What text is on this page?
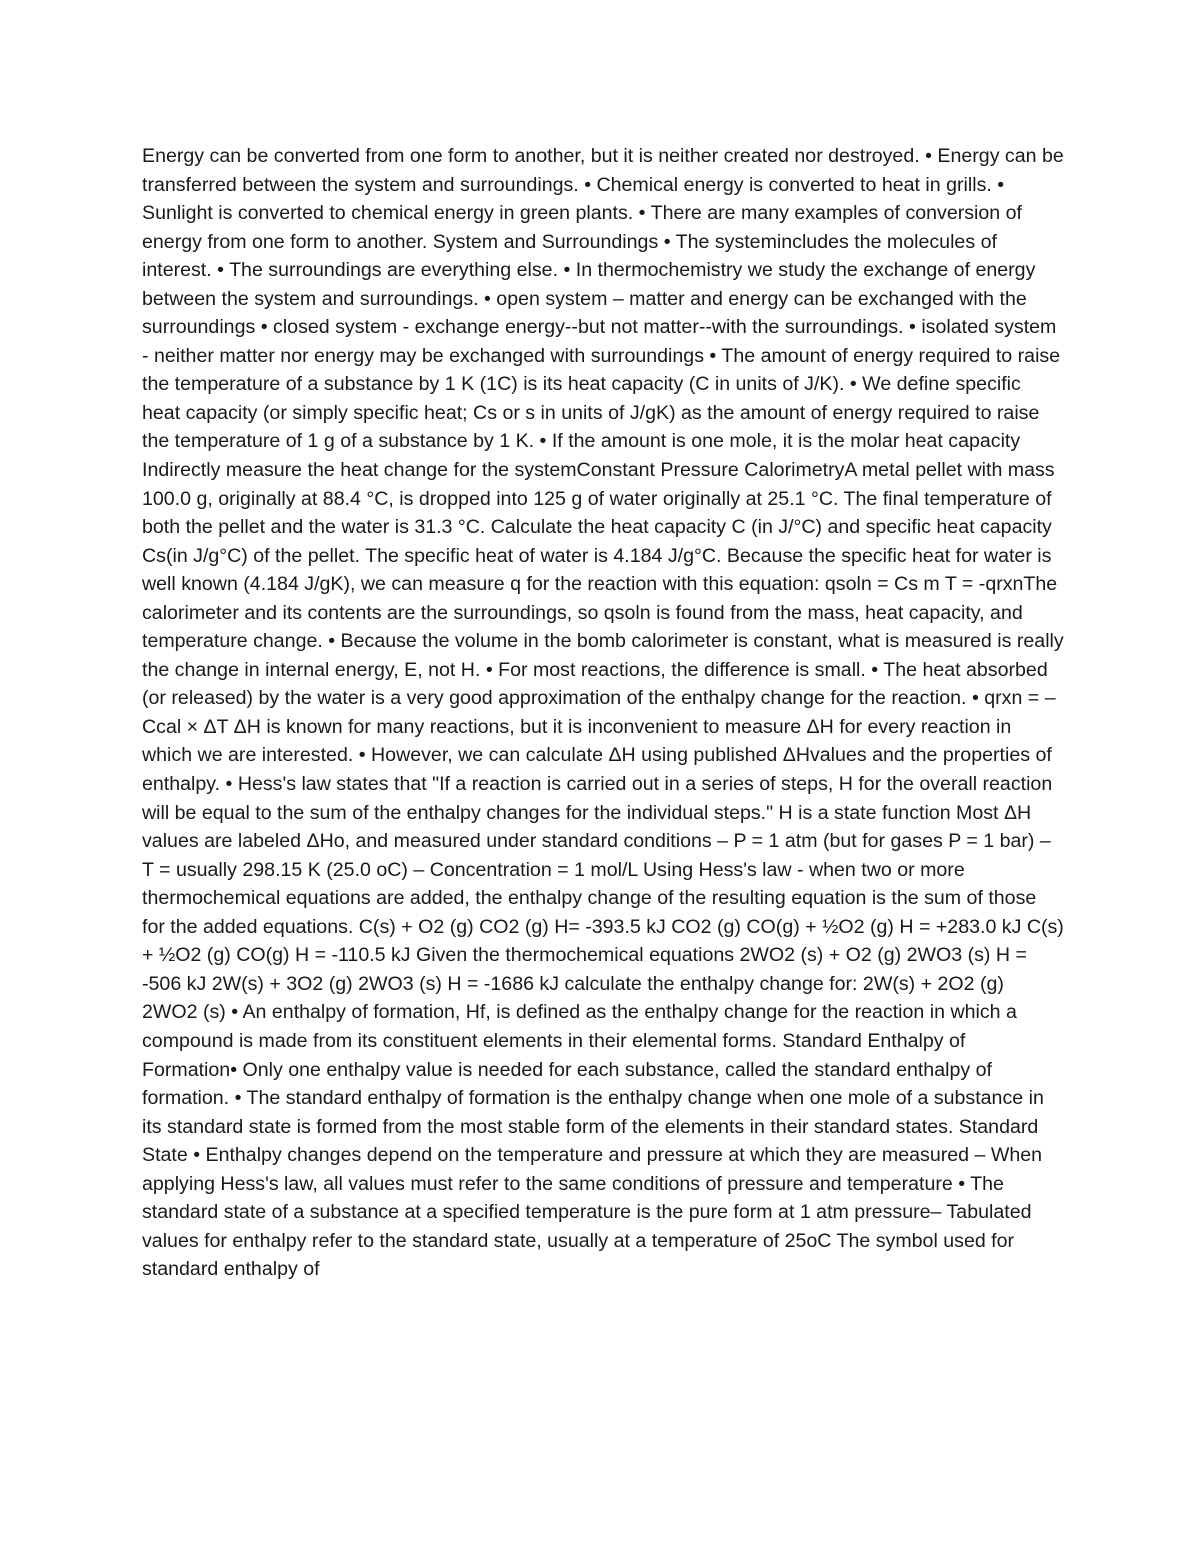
Energy can be converted from one form to another, but it is neither created nor destroyed. • Energy can be transferred between the system and surroundings. • Chemical energy is converted to heat in grills. • Sunlight is converted to chemical energy in green plants. • There are many examples of conversion of energy from one form to another. System and Surroundings • The systemincludes the molecules of interest. • The surroundings are everything else. • In thermochemistry we study the exchange of energy between the system and surroundings. • open system – matter and energy can be exchanged with the surroundings • closed system - exchange energy--but not matter--with the surroundings. • isolated system - neither matter nor energy may be exchanged with surroundings • The amount of energy required to raise the temperature of a substance by 1 K (1C) is its heat capacity (C in units of J/K). • We define specific heat capacity (or simply specific heat; Cs or s in units of J/gK) as the amount of energy required to raise the temperature of 1 g of a substance by 1 K. • If the amount is one mole, it is the molar heat capacity Indirectly measure the heat change for the systemConstant Pressure CalorimetryA metal pellet with mass 100.0 g, originally at 88.4 °C, is dropped into 125 g of water originally at 25.1 °C. The final temperature of both the pellet and the water is 31.3 °C. Calculate the heat capacity C (in J/°C) and specific heat capacity Cs(in J/g°C) of the pellet. The specific heat of water is 4.184 J/g°C. Because the specific heat for water is well known (4.184 J/gK), we can measure q for the reaction with this equation: qsoln = Cs m T = -qrxnThe calorimeter and its contents are the surroundings, so qsoln is found from the mass, heat capacity, and temperature change. • Because the volume in the bomb calorimeter is constant, what is measured is really the change in internal energy, E, not H. • For most reactions, the difference is small. • The heat absorbed (or released) by the water is a very good approximation of the enthalpy change for the reaction. • qrxn = – Ccal × ΔT ΔH is known for many reactions, but it is inconvenient to measure ΔH for every reaction in which we are interested. • However, we can calculate ΔH using published ΔHvalues and the properties of enthalpy. • Hess's law states that "If a reaction is carried out in a series of steps, H for the overall reaction will be equal to the sum of the enthalpy changes for the individual steps." H is a state function Most ΔH values are labeled ΔHo, and measured under standard conditions – P = 1 atm (but for gases P = 1 bar) – T = usually 298.15 K (25.0 oC) – Concentration = 1 mol/L Using Hess's law - when two or more thermochemical equations are added, the enthalpy change of the resulting equation is the sum of those for the added equations. C(s) + O2 (g) CO2 (g) H= -393.5 kJ CO2 (g) CO(g) + ½O2 (g) H = +283.0 kJ C(s) + ½O2 (g) CO(g) H = -110.5 kJ Given the thermochemical equations 2WO2 (s) + O2 (g) 2WO3 (s) H = -506 kJ 2W(s) + 3O2 (g) 2WO3 (s) H = -1686 kJ calculate the enthalpy change for: 2W(s) + 2O2 (g) 2WO2 (s) • An enthalpy of formation, Hf, is defined as the enthalpy change for the reaction in which a compound is made from its constituent elements in their elemental forms. Standard Enthalpy of Formation• Only one enthalpy value is needed for each substance, called the standard enthalpy of formation. • The standard enthalpy of formation is the enthalpy change when one mole of a substance in its standard state is formed from the most stable form of the elements in their standard states. Standard State • Enthalpy changes depend on the temperature and pressure at which they are measured – When applying Hess's law, all values must refer to the same conditions of pressure and temperature • The standard state of a substance at a specified temperature is the pure form at 1 atm pressure– Tabulated values for enthalpy refer to the standard state, usually at a temperature of 25oC The symbol used for standard enthalpy of
